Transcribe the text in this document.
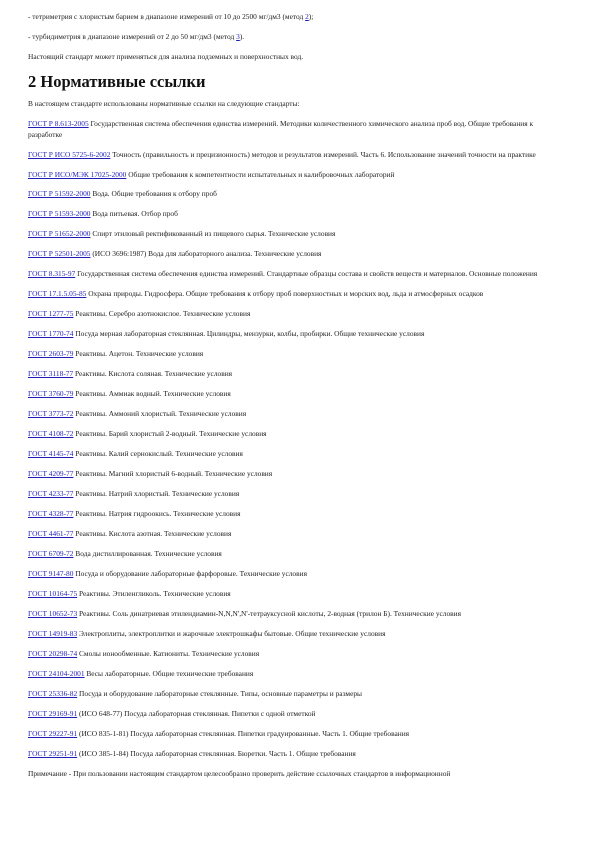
- тетриметрия с хлористым барием в диапазоне измерений от 10 до 2500 мг/дм3 (метод 2);

- турбидиметрия в диапазоне измерений от 2 до 50 мг/дм3 (метод 3).

Настоящий стандарт может применяться для анализа подземных и поверхностных вод.

2 Нормативные ссылки

В настоящем стандарте использованы нормативные ссылки на следующие стандарты:

ГОСТ Р 8.613-2005 Государственная система обеспечения единства измерений. Методики количественного химического анализа проб вод. Общие требования к разработке

ГОСТ Р ИСО 5725-6-2002 Точность (правильность и прецизионность) методов и результатов измерений. Часть 6. Использование значений точности на практике

ГОСТ Р ИСО/МЭК 17025-2000 Общие требования к компетентности испытательных и калибровочных лабораторий

ГОСТ Р 51592-2000 Вода. Общие требования к отбору проб

ГОСТ Р 51593-2000 Вода питьевая. Отбор проб

ГОСТ Р 51652-2000 Спирт этиловый ректификованный из пищевого сырья. Технические условия

ГОСТ Р 52501-2005 (ИСО 3696:1987) Вода для лабораторного анализа. Технические условия

ГОСТ 8.315-97 Государственная система обеспечения единства измерений. Стандартные образцы состава и свойств веществ и материалов. Основные положения

ГОСТ 17.1.5.05-85 Охрана природы. Гидросфера. Общие требования к отбору проб поверхностных и морских вод, льда и атмосферных осадков

ГОСТ 1277-75 Реактивы. Серебро азотнокислое. Технические условия

ГОСТ 1770-74 Посуда мерная лабораторная стеклянная. Цилиндры, мензурки, колбы, пробирки. Общие технические условия

ГОСТ 2603-79 Реактивы. Ацетон. Технические условия

ГОСТ 3118-77 Реактивы. Кислота соляная. Технические условия

ГОСТ 3760-79 Реактивы. Аммиак водный. Технические условия

ГОСТ 3773-72 Реактивы. Аммоний хлористый. Технические условия

ГОСТ 4108-72 Реактивы. Барий хлористый 2-водный. Технические условия

ГОСТ 4145-74 Реактивы. Калий сернокислый. Технические условия

ГОСТ 4209-77 Реактивы. Магний хлористый 6-водный. Технические условия

ГОСТ 4233-77 Реактивы. Натрий хлористый. Технические условия

ГОСТ 4328-77 Реактивы. Натрия гидроокись. Технические условия

ГОСТ 4461-77 Реактивы. Кислота азотная. Технические условия

ГОСТ 6709-72 Вода дистиллированная. Технические условия

ГОСТ 9147-80 Посуда и оборудование лабораторные фарфоровые. Технические условия

ГОСТ 10164-75 Реактивы. Этиленгликоль. Технические условия

ГОСТ 10652-73 Реактивы. Соль динатриевая этилендиамин-N,N,N',N'-тетрауксусной кислоты, 2-водная (трилон Б). Технические условия

ГОСТ 14919-83 Электроплиты, электроплитки и жарочные электрошкафы бытовые. Общие технические условия

ГОСТ 20298-74 Смолы ионообменные. Катиониты. Технические условия

ГОСТ 24104-2001 Весы лабораторные. Общие технические требования

ГОСТ 25336-82 Посуда и оборудование лабораторные стеклянные. Типы, основные параметры и размеры

ГОСТ 29169-91 (ИСО 648-77) Посуда лабораторная стеклянная. Пипетки с одной отметкой

ГОСТ 29227-91 (ИСО 835-1-81) Посуда лабораторная стеклянная. Пипетки градуированные. Часть 1. Общие требования

ГОСТ 29251-91 (ИСО 385-1-84) Посуда лабораторная стеклянная. Бюретки. Часть 1. Общие требования

Примечание - При пользовании настоящим стандартом целесообразно проверить действие ссылочных стандартов в информационной
